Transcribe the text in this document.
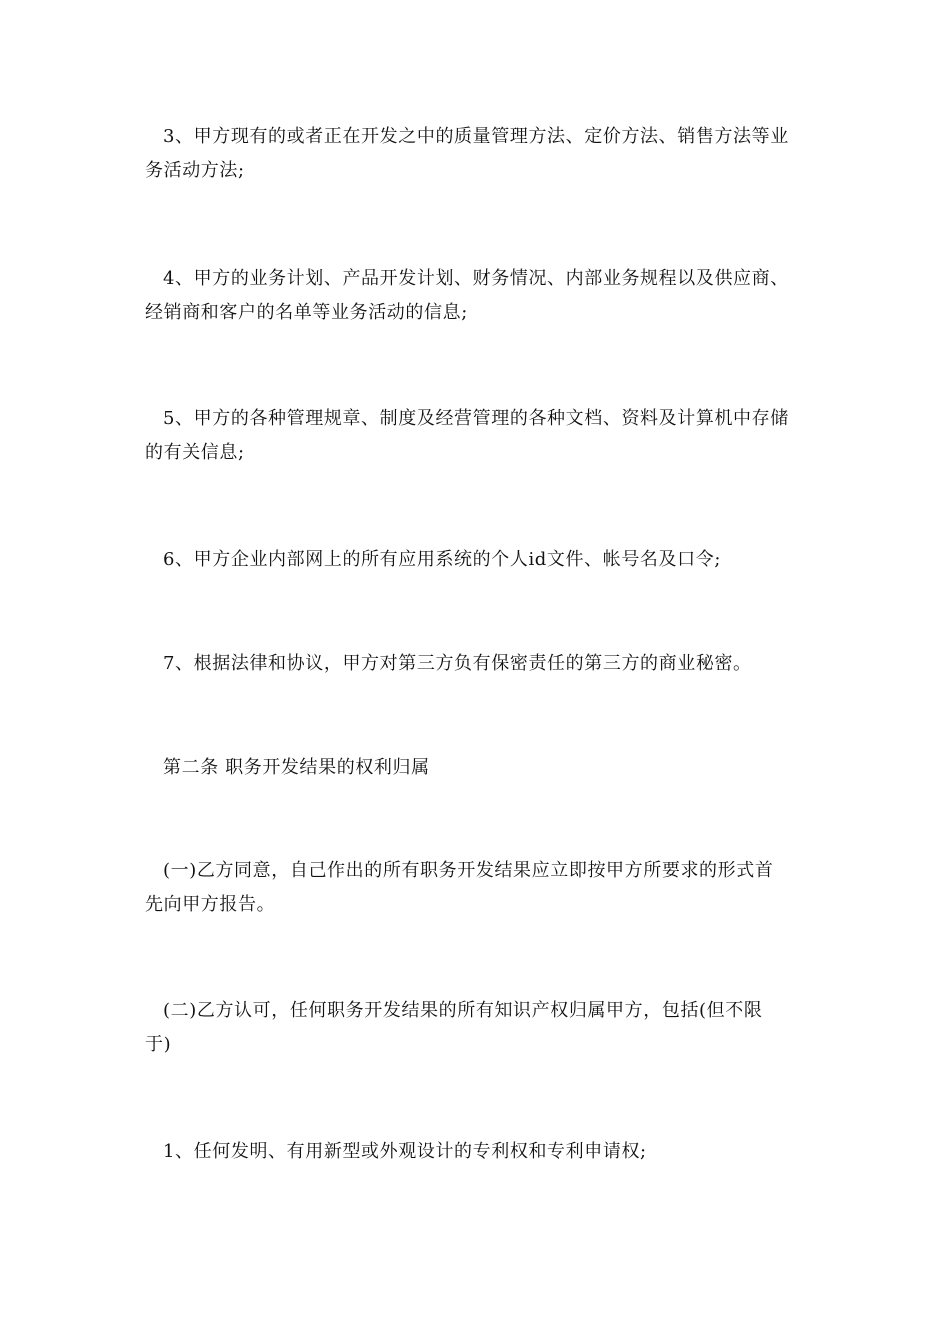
3、甲方现有的或者正在开发之中的质量管理方法、定价方法、销售方法等业
务活动方法;

4、甲方的业务计划、产品开发计划、财务情况、内部业务规程以及供应商、
经销商和客户的名单等业务活动的信息;

5、甲方的各种管理规章、制度及经营管理的各种文档、资料及计算机中存储
的有关信息;

6、甲方企业内部网上的所有应用系统的个人id文件、帐号名及口令;

7、根据法律和协议，甲方对第三方负有保密责任的第三方的商业秘密。

第二条 职务开发结果的权利归属

(一)乙方同意，自己作出的所有职务开发结果应立即按甲方所要求的形式首
先向甲方报告。

(二)乙方认可，任何职务开发结果的所有知识产权归属甲方，包括(但不限
于)

1、任何发明、有用新型或外观设计的专利权和专利申请权;
